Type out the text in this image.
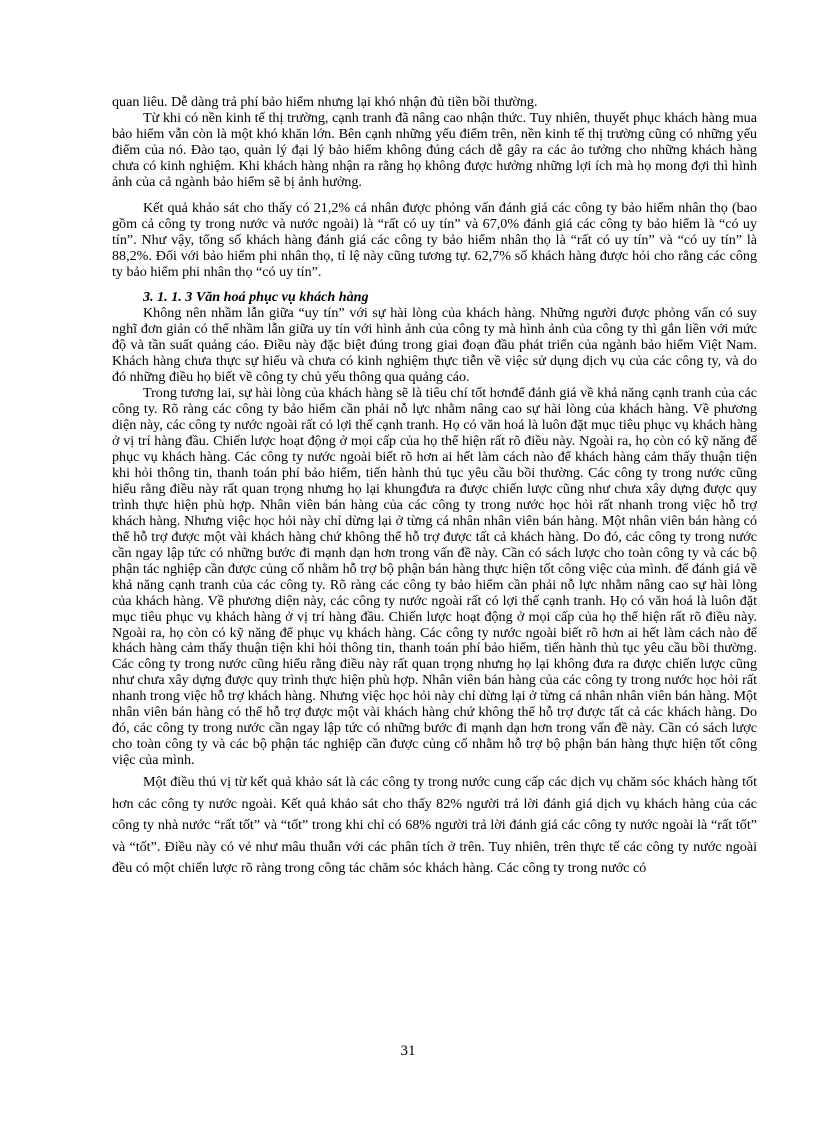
quan liêu. Dễ dàng trả phí bảo hiểm nhưng lại khó nhận đủ tiền bồi thường.

Từ khi có nền kinh tế thị trường, cạnh tranh đã nâng cao nhận thức. Tuy nhiên, thuyết phục khách hàng mua bảo hiểm vẫn còn là một khó khăn lớn. Bên cạnh những yếu điểm trên, nền kinh tế thị trường cũng có những yếu điểm của nó. Đào tạo, quản lý đại lý bảo hiểm không đúng cách dễ gây ra các ảo tưởng cho những khách hàng chưa có kinh nghiệm. Khi khách hàng nhận ra rằng họ không được hưởng những lợi ích mà họ mong đợi thì hình ảnh của cả ngành bảo hiểm sẽ bị ảnh hưởng.

Kết quả khảo sát cho thấy có 21,2% cá nhân được phỏng vấn đánh giá các công ty bảo hiểm nhân thọ (bao gồm cả công ty trong nước và nước ngoài) là “rất có uy tín” và 67,0% đánh giá các công ty bảo hiểm là “có uy tín”. Như vậy, tổng số khách hàng đánh giá các công ty bảo hiểm nhân thọ là “rất có uy tín” và “có uy tín” là 88,2%. Đối với bảo hiểm phi nhân thọ, tỉ lệ này cũng tương tự. 62,7% số khách hàng được hỏi cho rằng các công ty bảo hiểm phi nhân thọ “có uy tín”.

3. 1. 1. 3 Văn hoá phục vụ khách hàng

Không nên nhầm lẫn giữa “uy tín” với sự hài lòng của khách hàng. Những người được phỏng vấn có suy nghĩ đơn giản có thể nhầm lẫn giữa uy tín với hình ảnh của công ty mà hình ảnh của công ty thì gắn liền với mức độ và tần suất quảng cáo. Điều này đặc biệt đúng trong giai đoạn đầu phát triển của ngành bảo hiểm Việt Nam. Khách hàng chưa thực sự hiểu và chưa có kinh nghiệm thực tiễn về việc sử dụng dịch vụ của các công ty, và do đó những điều họ biết về công ty chủ yếu thông qua quảng cáo.

Trong tương lai, sự hài lòng của khách hàng sẽ là tiêu chí tốt hơnđể đánh giá về khả năng cạnh tranh của các công ty. Rõ ràng các công ty bảo hiểm cần phải nỗ lực nhằm nâng cao sự hài lòng của khách hàng. Về phương diện này, các công ty nước ngoài rất có lợi thế cạnh tranh. Họ có văn hoá là luôn đặt mục tiêu phục vụ khách hàng ở vị trí hàng đầu. Chiến lược hoạt động ở mọi cấp của họ thể hiện rất rõ điều này. Ngoài ra, họ còn có kỹ năng để phục vụ khách hàng. Các công ty nước ngoài biết rõ hơn ai hết làm cách nào để khách hàng cảm thấy thuận tiện khi hỏi thông tin, thanh toán phí bảo hiểm, tiến hành thủ tục yêu cầu bồi thường. Các công ty trong nước cũng hiểu rằng điều này rất quan trọng nhưng họ lại khungđưa ra được chiến lược cũng như chưa xây dựng được quy trình thực hiện phù hợp. Nhân viên bán hàng của các công ty trong nước học hỏi rất nhanh trong việc hỗ trợ khách hàng. Nhưng việc học hỏi này chỉ dừng lại ở từng cá nhân nhân viên bán hàng. Một nhân viên bán hàng có thể hỗ trợ được một vài khách hàng chứ không thể hỗ trợ được tất cả khách hàng. Do đó, các công ty trong nước cần ngay lập tức có những bước đi mạnh dạn hơn trong vấn đề này. Cần có sách lược cho toàn công ty và các bộ phận tác nghiệp cần được củng cố nhằm hỗ trợ bộ phận bán hàng thực hiện tốt công việc của mình. để đánh giá về khả năng cạnh tranh của các công ty. Rõ ràng các công ty bảo hiểm cần phải nỗ lực nhằm nâng cao sự hài lòng của khách hàng. Về phương diện này, các công ty nước ngoài rất có lợi thế cạnh tranh. Họ có văn hoá là luôn đặt mục tiêu phục vụ khách hàng ở vị trí hàng đầu. Chiến lược hoạt động ở mọi cấp của họ thể hiện rất rõ điều này. Ngoài ra, họ còn có kỹ năng để phục vụ khách hàng. Các công ty nước ngoài biết rõ hơn ai hết làm cách nào để khách hàng cảm thấy thuận tiện khi hỏi thông tin, thanh toán phí bảo hiểm, tiến hành thủ tục yêu cầu bồi thường. Các công ty trong nước cũng hiểu rằng điều này rất quan trọng nhưng họ lại không đưa ra được chiến lược cũng như chưa xây dựng được quy trình thực hiện phù hợp. Nhân viên bán hàng của các công ty trong nước học hỏi rất nhanh trong việc hỗ trợ khách hàng. Nhưng việc học hỏi này chỉ dừng lại ở từng cá nhân nhân viên bán hàng. Một nhân viên bán hàng có thể hỗ trợ được một vài khách hàng chứ không thể hỗ trợ được tất cả các khách hàng. Do đó, các công ty trong nước cần ngay lập tức có những bước đi mạnh dạn hơn trong vấn đề này. Cần có sách lược cho toàn công ty và các bộ phận tác nghiệp cần được củng cố nhằm hỗ trợ bộ phận bán hàng thực hiện tốt công việc của mình.

Một điều thú vị từ kết quả khảo sát là các công ty trong nước cung cấp các dịch vụ chăm sóc khách hàng tốt hơn các công ty nước ngoài. Kết quả khảo sát cho thấy 82% người trả lời đánh giá dịch vụ khách hàng của các công ty nhà nước “rất tốt” và “tốt” trong khi chỉ có 68% người trả lời đánh giá các công ty nước ngoài là “rất tốt” và “tốt”. Điều này có vẻ như mâu thuẫn với các phân tích ở trên. Tuy nhiên, trên thực tế các công ty nước ngoài đều có một chiến lược rõ ràng trong công tác chăm sóc khách hàng. Các công ty trong nước có

31
